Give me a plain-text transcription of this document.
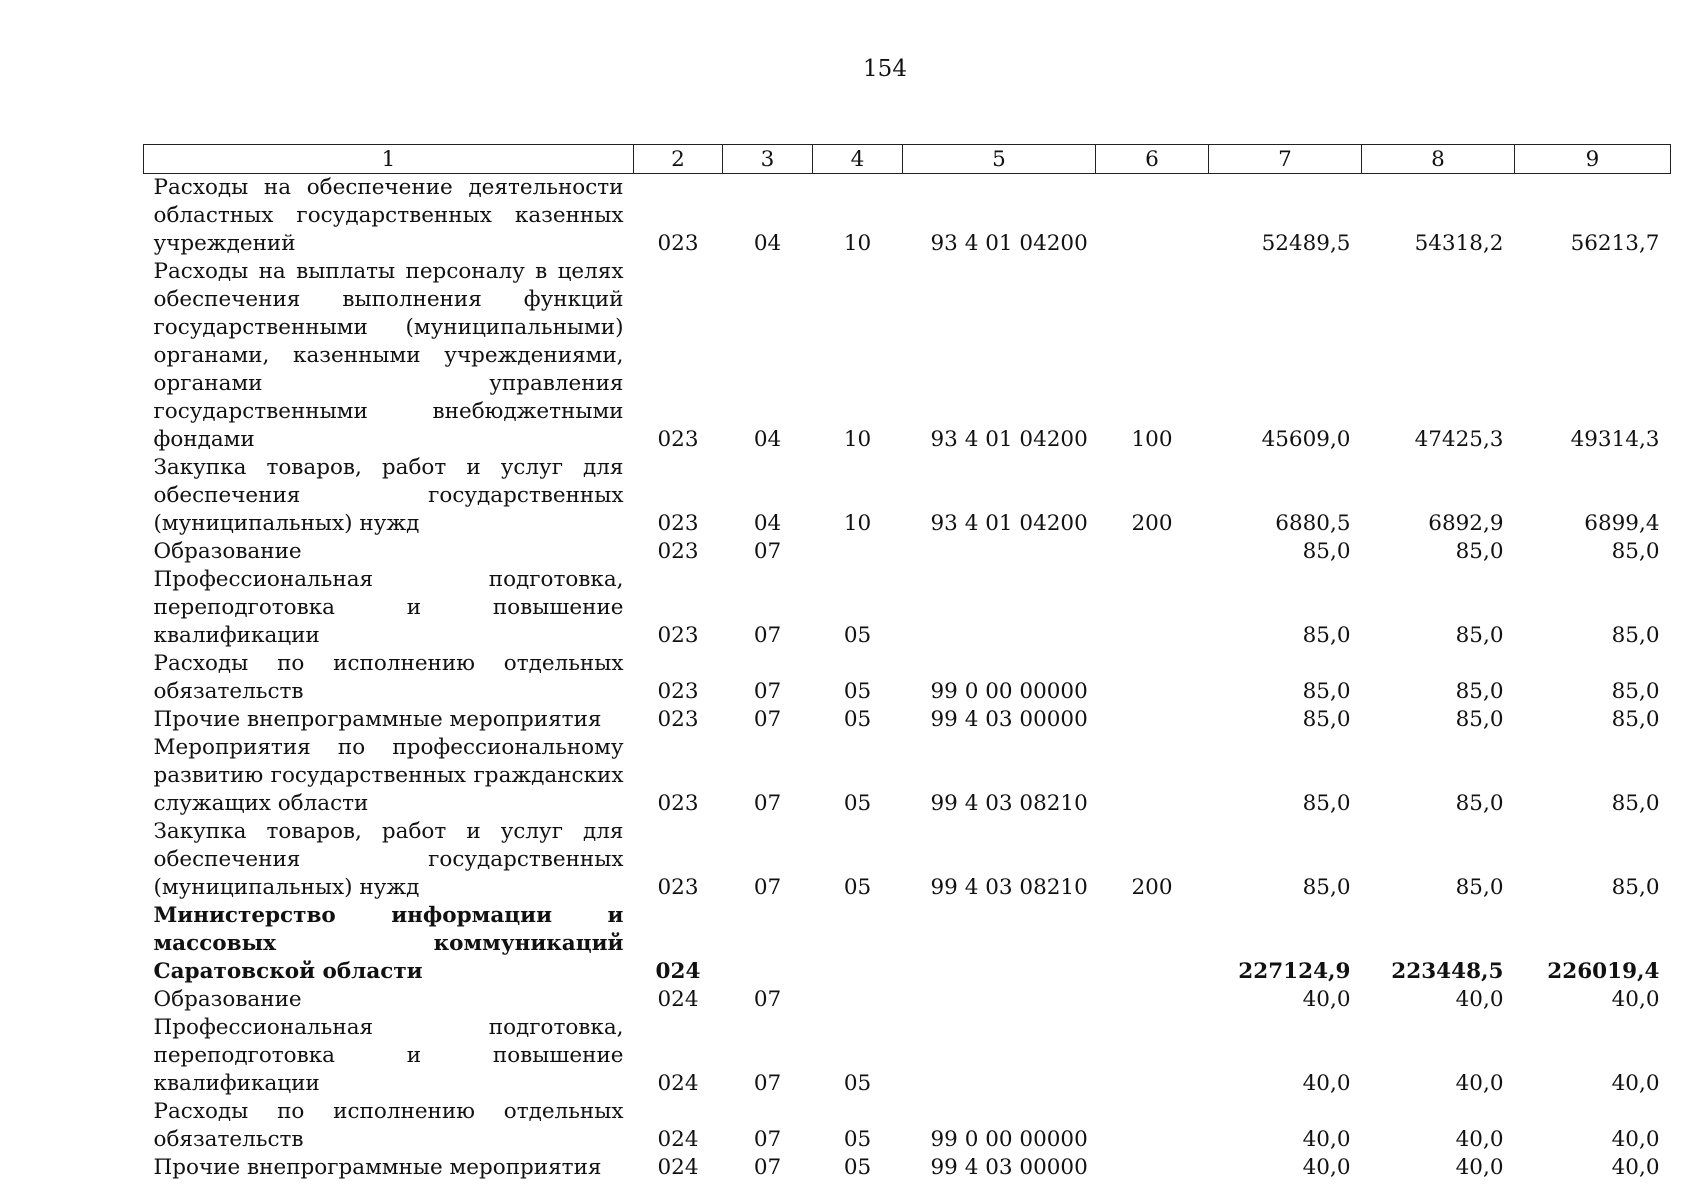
154
1	2	3	4	5	6	7	8	9
Расходы на обеспечение деятельности областных государственных казенных учреждений	023	04	10	93 4 01 04200		52489,5	54318,2	56213,7
Расходы на выплаты персоналу в целях обеспечения выполнения функций государственными (муниципальными) органами, казенными учреждениями, органами управления государственными внебюджетными фондами	023	04	10	93 4 01 04200	100	45609,0	47425,3	49314,3
Закупка товаров, работ и услуг для обеспечения государственных (муниципальных) нужд	023	04	10	93 4 01 04200	200	6880,5	6892,9	6899,4
Образование	023	07				85,0	85,0	85,0
Профессиональная подготовка, переподготовка и повышение квалификации	023	07	05			85,0	85,0	85,0
Расходы по исполнению отдельных обязательств	023	07	05	99 0 00 00000		85,0	85,0	85,0
Прочие внепрограммные мероприятия	023	07	05	99 4 03 00000		85,0	85,0	85,0
Мероприятия по профессиональному развитию государственных гражданских служащих области	023	07	05	99 4 03 08210		85,0	85,0	85,0
Закупка товаров, работ и услуг для обеспечения государственных (муниципальных) нужд	023	07	05	99 4 03 08210	200	85,0	85,0	85,0
Министерство информации и массовых коммуникаций Саратовской области	024					227124,9	223448,5	226019,4
Образование	024	07				40,0	40,0	40,0
Профессиональная подготовка, переподготовка и повышение квалификации	024	07	05			40,0	40,0	40,0
Расходы по исполнению отдельных обязательств	024	07	05	99 0 00 00000		40,0	40,0	40,0
Прочие внепрограммные мероприятия	024	07	05	99 4 03 00000		40,0	40,0	40,0
